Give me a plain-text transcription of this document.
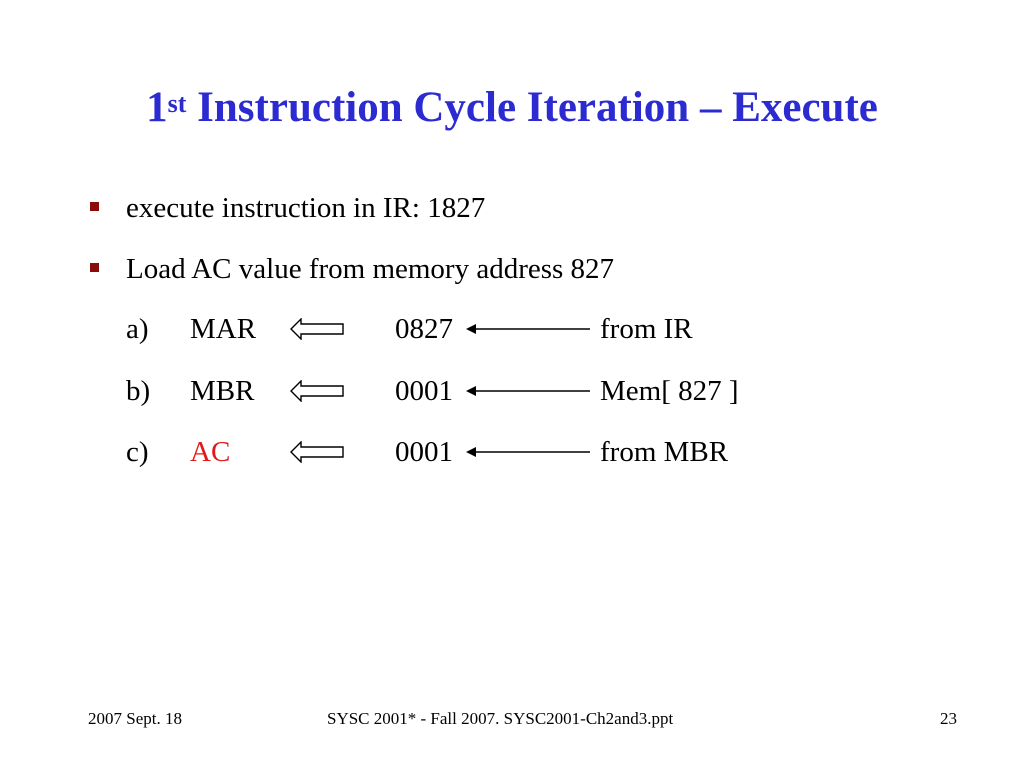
1st Instruction Cycle Iteration – Execute
execute instruction in IR: 1827
Load AC value from memory address 827
a) MAR	0827	from IR
b) MBR	0001	Mem[ 827 ]
c) AC	0001	from MBR
2007 Sept. 18	SYSC 2001* - Fall 2007. SYSC2001-Ch2and3.ppt	23
